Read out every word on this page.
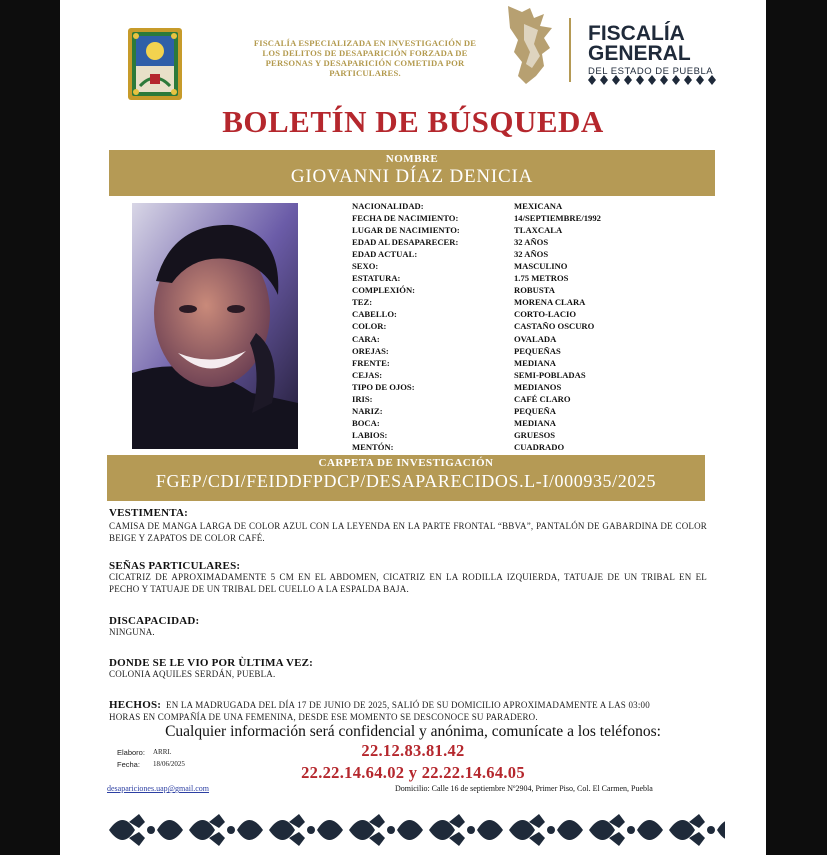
FISCALÍA ESPECIALIZADA EN INVESTIGACIÓN DE LOS DELITOS DE DESAPARICIÓN FORZADA DE PERSONAS Y DESAPARICIÓN COMETIDA POR PARTICULARES.
FISCALÍA
GENERAL
DEL ESTADO DE PUEBLA
BOLETÍN DE BÚSQUEDA
NOMBRE
GIOVANNI DÍAZ DENICIA
NACIONALIDAD:	MEXICANA
FECHA DE NACIMIENTO:	14/SEPTIEMBRE/1992
LUGAR DE NACIMIENTO:	TLAXCALA
EDAD AL DESAPARECER:	32 AÑOS
EDAD ACTUAL:	32 AÑOS
SEXO:	MASCULINO
ESTATURA:	1.75 METROS
COMPLEXIÓN:	ROBUSTA
TEZ:	MORENA CLARA
CABELLO:	CORTO-LACIO
COLOR:	CASTAÑO OSCURO
CARA:	OVALADA
OREJAS:	PEQUEÑAS
FRENTE:	MEDIANA
CEJAS:	SEMI-POBLADAS
TIPO DE OJOS:	MEDIANOS
IRIS:	CAFÉ CLARO
NARIZ:	PEQUEÑA
BOCA:	MEDIANA
LABIOS:	GRUESOS
MENTÓN:	CUADRADO
CARPETA DE INVESTIGACIÓN
FGEP/CDI/FEIDDFPDCP/DESAPARECIDOS.L-I/000935/2025
VESTIMENTA:
CAMISA DE MANGA LARGA DE COLOR AZUL CON LA LEYENDA EN LA PARTE FRONTAL “BBVA”, PANTALÓN DE GABARDINA DE COLOR BEIGE Y ZAPATOS DE COLOR CAFÉ.
SEÑAS PARTICULARES:
CICATRIZ DE APROXIMADAMENTE 5 CM EN EL ABDOMEN, CICATRIZ EN LA RODILLA IZQUIERDA, TATUAJE DE UN TRIBAL EN EL PECHO Y TATUAJE DE UN TRIBAL DEL CUELLO A LA ESPALDA BAJA.
DISCAPACIDAD:
NINGUNA.
DONDE SE LE VIO POR ÙLTIMA VEZ:
COLONIA AQUILES SERDÁN, PUEBLA.
HECHOS: EN LA MADRUGADA DEL DÍA 17 DE JUNIO DE 2025, SALIÓ DE SU DOMICILIO APROXIMADAMENTE A LAS 03:00
HORAS EN COMPAÑÍA DE UNA FEMENINA, DESDE ESE MOMENTO SE DESCONOCE SU PARADERO.
Cualquier información será confidencial y anónima, comunícate a los teléfonos:
22.12.83.81.42
22.22.14.64.02 y 22.22.14.64.05
Elaboro: ARRI.
Fecha: 18/06/2025
desapariciones.uap@gmail.com	Domicilio: Calle 16 de septiembre Nº2904, Primer Piso, Col. El Carmen, Puebla
